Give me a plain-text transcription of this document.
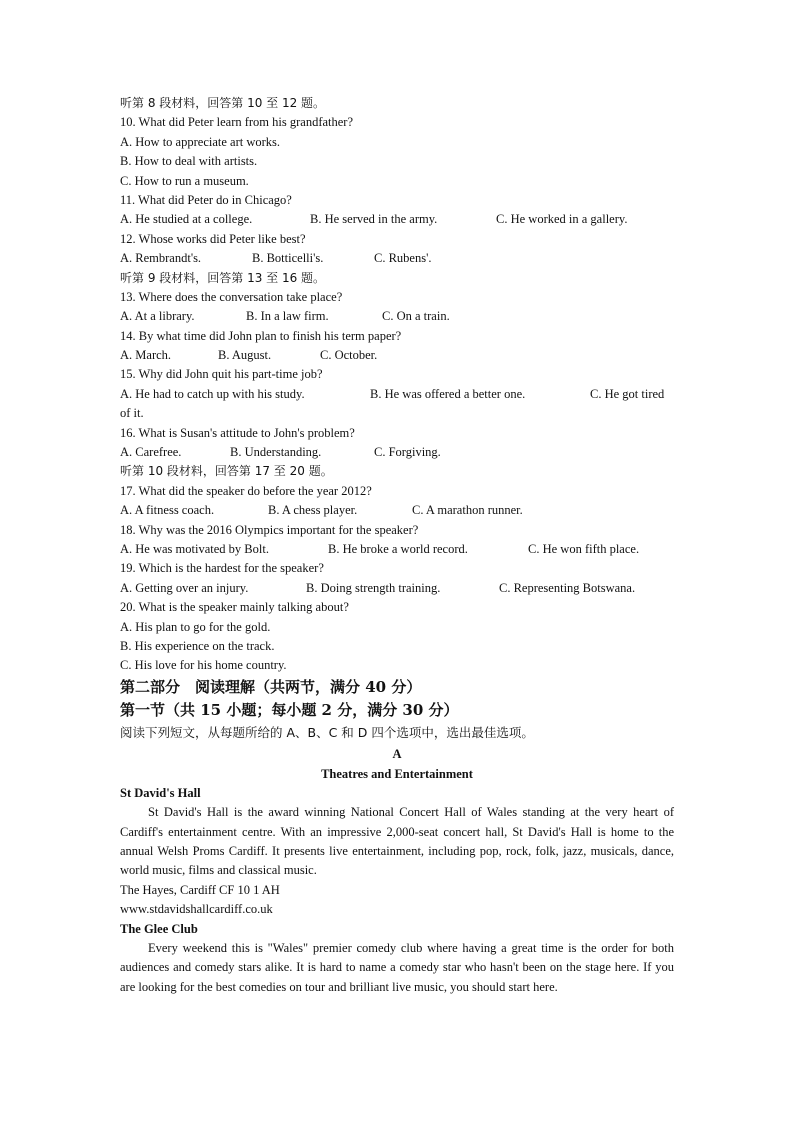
听第 8 段材料，回答第 10 至 12 题。
10. What did Peter learn from his grandfather?
A. How to appreciate art works.
B. How to deal with artists.
C. How to run a museum.
11. What did Peter do in Chicago?
A. He studied at a college.	B. He served in the army.	C. He worked in a gallery.
12. Whose works did Peter like best?
A. Rembrandt's.	B. Botticelli's.	C. Rubens'.
听第 9 段材料，回答第 13 至 16 题。
13. Where does the conversation take place?
A. At a library.	B. In a law firm.	C. On a train.
14. By what time did John plan to finish his term paper?
A. March.	B. August.	C. October.
15. Why did John quit his part-time job?
A. He had to catch up with his study.	B. He was offered a better one.	C. He got tired
of it.
16. What is Susan's attitude to John's problem?
A. Carefree.	B. Understanding.	C. Forgiving.
听第 10 段材料，回答第 17 至 20 题。
17. What did the speaker do before the year 2012?
A. A fitness coach.	B. A chess player.	C. A marathon runner.
18. Why was the 2016 Olympics important for the speaker?
A. He was motivated by Bolt.	B. He broke a world record.	C. He won fifth place.
19. Which is the hardest for the speaker?
A. Getting over an injury.	B. Doing strength training.	C. Representing Botswana.
20. What is the speaker mainly talking about?
A. His plan to go for the gold.
B. His experience on the track.
C. His love for his home country.
第二部分　阅读理解（共两节，满分 40 分）
第一节（共 15 小题；每小题 2 分，满分 30 分）
阅读下列短文，从每题所给的 A、B、C 和 D 四个选项中，选出最佳选项。
A
Theatres and Entertainment
St David's Hall
St David's Hall is the award winning National Concert Hall of Wales standing at the very heart of Cardiff's entertainment centre. With an impressive 2,000-seat concert hall, St David's Hall is home to the annual Welsh Proms Cardiff. It presents live entertainment, including pop, rock, folk, jazz, musicals, dance, world music, films and classical music.
The Hayes, Cardiff CF 10 1 AH
www.stdavidshallcardiff.co.uk
The Glee Club
Every weekend this is "Wales" premier comedy club where having a great time is the order for both audiences and comedy stars alike. It is hard to name a comedy star who hasn't been on the stage here. If you are looking for the best comedies on tour and brilliant live music, you should start here.
